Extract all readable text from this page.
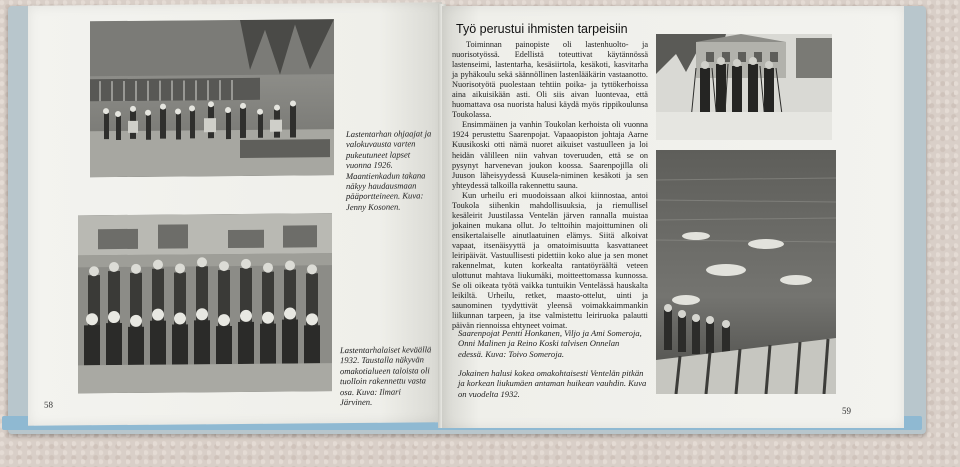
Lastentarhan ohjaajat ja valokuvausta varten pukeutuneet lapset vuonna 1926. Maantienkadun takana näkyy haudausmaan pääportteineen. Kuva: Jenny Kosonen.
Lastentarhalaiset keväällä 1932. Taustalla näkyvän omakotialueen taloista oli tuolloin rakennettu vasta osa. Kuva: Ilmari Järvinen.
58
Saarenpojat Pentti Honkanen, Viljo ja Ami Someroja, Onni Malinen ja Reino Koski talvisen Onnelan edessä. Kuva: Toivo Someroja.
Jokainen halusi kokea omakohtaisesti Ventelän pitkän ja korkean liukumäen antaman huikean vauhdin. Kuva on vuodelta 1932.
59
Työ perustui ihmisten tarpeisiin

Toiminnan painopiste oli lastenhuolto- ja nuorisotyössä. Edellistä toteuttivat käytännössä lastenseimi, lastentarha, kesäsiirtola, kesäkoti, kasvitarha ja pyhäkoulu sekä säännöllinen lastenlääkärin vastaanotto. Nuorisotyötä puolestaan tehtiin poika- ja tyttökerhoissa aina aikuisikään asti. Oli siis aivan luontevaa, että huomattava osa nuorista halusi käydä myös rippikoulunsa Toukolassa.

Ensimmäinen ja vanhin Toukolan kerhoista oli vuonna 1924 perustettu Saarenpojat. Vapaaopiston johtaja Aarne Kuusikoski otti nämä nuoret aikuiset vastuulleen ja loi heidän välilleen niin vahvan toveruuden, että se on pysynyt harvenevan joukon koossa. Saarenpojilla oli Juuson läheisyydessä Kuusela-niminen kesäkoti ja sen yhteydessä talkoilla rakennettu sauna.

Kun urheilu eri muodoissaan alkoi kiinnostaa, antoi Toukola siihenkin mahdollisuuksia, ja riemullisel kesäleirit Juustilassa Ventelän järven rannalla muistaa jokainen mukana ollut. Jo telttoihin majoittuminen oli ensikertalaiselle ainutlaatuinen elämys. Siitä alkoivat vapaat, itsenäisyyttä ja omatoimisuutta kasvattaneet leiripäivät. Vastuullisesti pidettiin koko alue ja sen monet rakennelmat, kuten korkealta rantatöyräältä veteen ulottunut mahtava liukumäki, moitteettomassa kunnossa. Se oli oikeata työtä vaikka tuntuikin Ventelässä hauskalta leikiltä. Urheilu, retket, maasto-ottelut, uinti ja saunominen tyydyttivät yleensä voimakkaimmankin liikunnan tarpeen, ja itse valmistettu leiriruoka palautti päivän riennoissa ehtyneet voimat.
